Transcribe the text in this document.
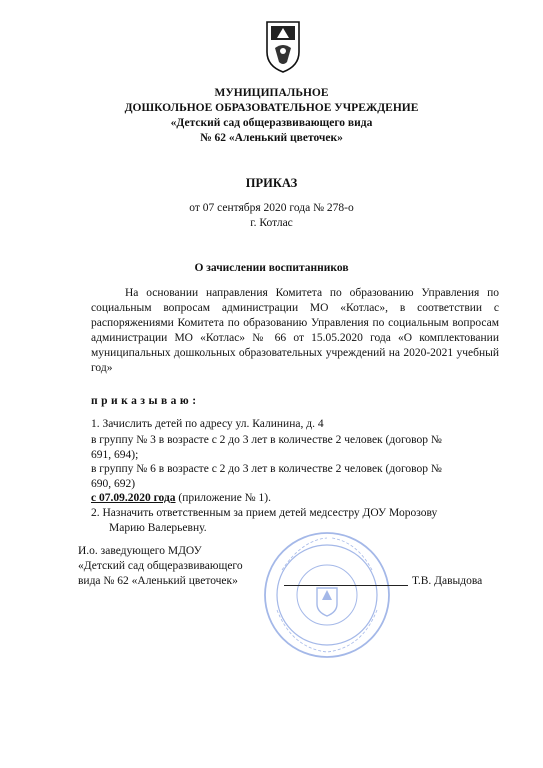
МУНИЦИПАЛЬНОЕ
ДОШКОЛЬНОЕ ОБРАЗОВАТЕЛЬНОЕ УЧРЕЖДЕНИЕ
«Детский сад общеразвивающего вида
№ 62 «Аленький цветочек»
ПРИКАЗ
от 07 сентября 2020 года № 278-о
г. Котлас
О зачислении воспитанников
На основании направления Комитета по образованию Управления по социальным вопросам администрации МО «Котлас», в соответствии с распоряжениями Комитета по образованию Управления по социальным вопросам администрации МО «Котлас» № 66 от 15.05.2020 года «О комплектовании муниципальных дошкольных образовательных учреждений на 2020-2021 учебный год»
приказываю:
1. Зачислить детей по адресу ул. Калинина, д. 4
в группу № 3 в возрасте с 2 до 3 лет в количестве 2 человек (договор №
691, 694);
в группу № 6 в возрасте с 2 до 3 лет в количестве 2 человек (договор №
690, 692)
с 07.09.2020 года (приложение № 1).
2. Назначить ответственным за прием детей медсестру ДОУ Морозову
Марию Валерьевну.
И.о. заведующего МДОУ
«Детский сад общеразвивающего
вида № 62 «Аленький цветочек»	Т.В. Давыдова
